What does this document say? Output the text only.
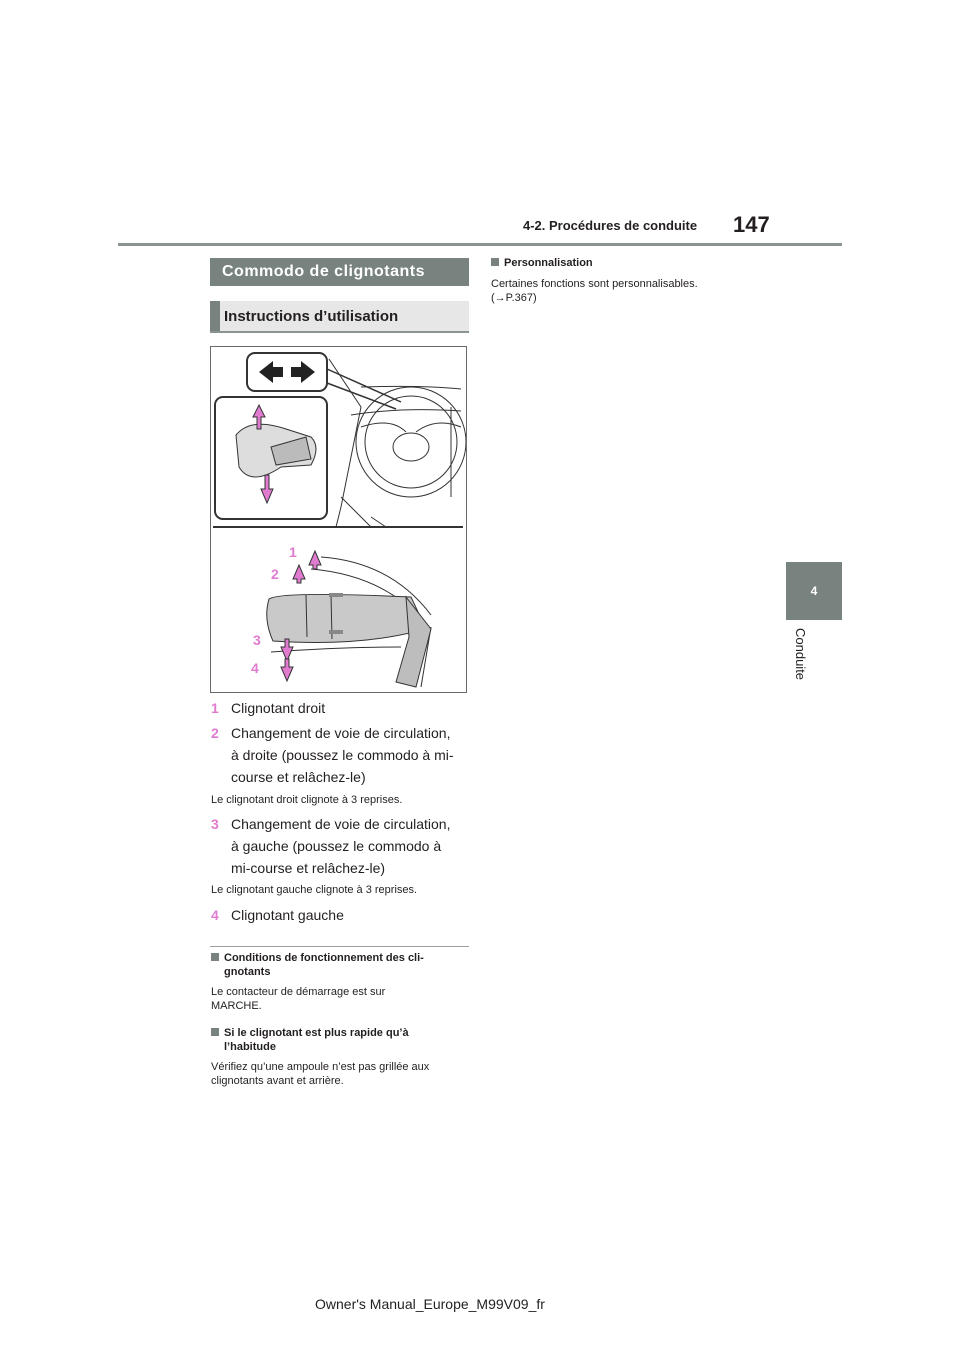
4-2. Procédures de conduite 147
4
Conduite
Commodo de clignotants
Instructions d’utilisation
1
2
3
4
1 Clignotant droit
2 Changement de voie de circulation,
à droite (poussez le commodo à mi-
course et relâchez-le)
Le clignotant droit clignote à 3 reprises.
3 Changement de voie de circulation,
à gauche (poussez le commodo à
mi-course et relâchez-le)
Le clignotant gauche clignote à 3 reprises.
4 Clignotant gauche
Conditions de fonctionnement des cli-
gnotants
Le contacteur de démarrage est sur
MARCHE.
Si le clignotant est plus rapide qu’à
l’habitude
Vérifiez qu’une ampoule n’est pas grillée aux
clignotants avant et arrière.
Personnalisation
Certaines fonctions sont personnalisables.
(→P.367)
Owner's Manual_Europe_M99V09_fr
